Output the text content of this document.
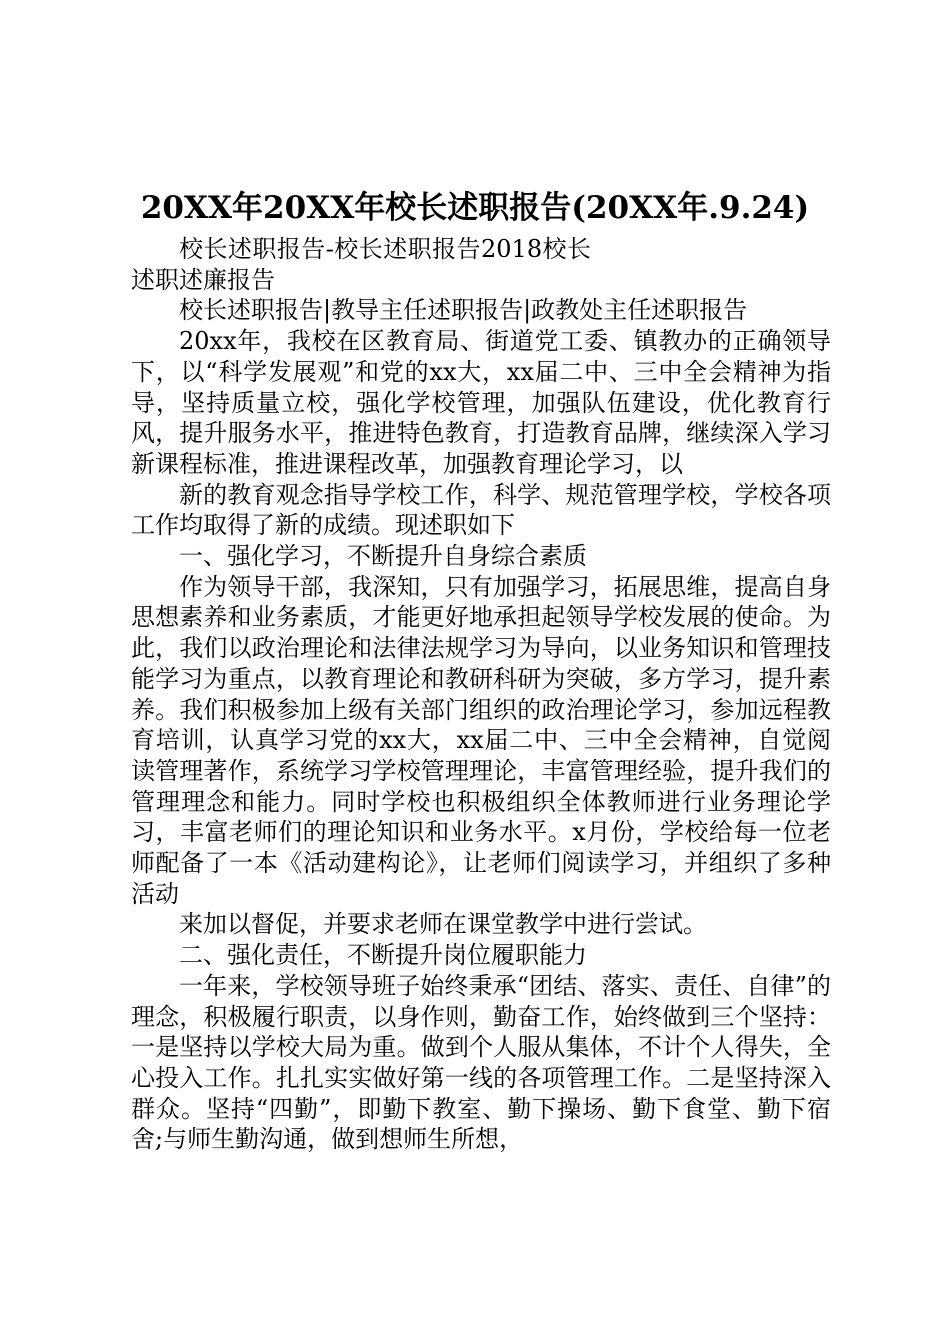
20XX年20XX年校长述职报告(20XX年.9.24)

校长述职报告-校长述职报告2018校长述职述廉报告

校长述职报告|教导主任述职报告|政教处主任述职报告

20xx年，我校在区教育局、街道党工委、镇教办的正确领导下，以“科学发展观”和党的xx大，xx届二中、三中全会精神为指导，坚持质量立校，强化学校管理，加强队伍建设，优化教育行风，提升服务水平，推进特色教育，打造教育品牌，继续深入学习新课程标准，推进课程改革，加强教育理论学习，以

新的教育观念指导学校工作，科学、规范管理学校，学校各项工作均取得了新的成绩。现述职如下

一、强化学习，不断提升自身综合素质

作为领导干部，我深知，只有加强学习，拓展思维，提高自身思想素养和业务素质，才能更好地承担起领导学校发展的使命。为此，我们以政治理论和法律法规学习为导向，以业务知识和管理技能学习为重点，以教育理论和教研科研为突破，多方学习，提升素养。我们积极参加上级有关部门组织的政治理论学习，参加远程教育培训，认真学习党的xx大，xx届二中、三中全会精神，自觉阅读管理著作，系统学习学校管理理论，丰富管理经验，提升我们的管理理念和能力。同时学校也积极组织全体教师进行业务理论学习，丰富老师们的理论知识和业务水平。x月份，学校给每一位老师配备了一本《活动建构论》，让老师们阅读学习，并组织了多种活动

来加以督促，并要求老师在课堂教学中进行尝试。

二、强化责任，不断提升岗位履职能力

一年来，学校领导班子始终秉承“团结、落实、责任、自律”的理念，积极履行职责，以身作则，勤奋工作，始终做到三个坚持：一是坚持以学校大局为重。做到个人服从集体，不计个人得失，全心投入工作。扎扎实实做好第一线的各项管理工作。二是坚持深入群众。坚持“四勤”，即勤下教室、勤下操场、勤下食堂、勤下宿舍;与师生勤沟通，做到想师生所想，
